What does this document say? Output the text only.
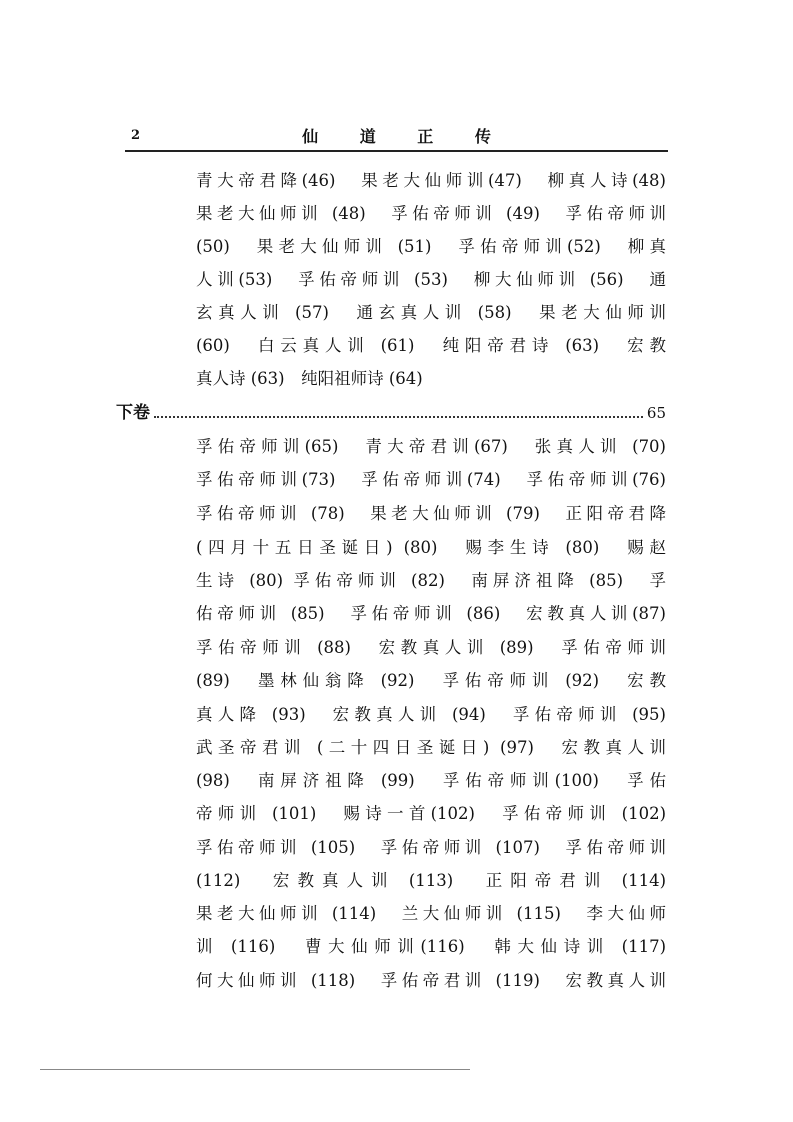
2	仙 道 正 传
青大帝君降(46)　果老大仙师训(47)　柳真人诗(48)
果老大仙师训 (48)　孚佑帝师训 (49)　孚佑帝师训
(50)　果老大仙师训 (51)　孚佑帝师训(52)　柳真
人训(53)　孚佑帝师训 (53)　柳大仙师训 (56)　通
玄真人训 (57)　通玄真人训 (58)　果老大仙师训
(60)　白云真人训 (61)　纯阳帝君诗 (63)　宏教
真人诗 (63)　纯阳祖师诗 (64)
下卷	65
孚佑帝师训(65)　青大帝君训(67)　张真人训 (70)
孚佑帝师训(73)　孚佑帝师训(74)　孚佑帝师训(76)
孚佑帝师训 (78)　果老大仙师训 (79)　正阳帝君降
(四月十五日圣诞日) (80)　赐李生诗 (80)　赐赵
生诗 (80) 孚佑帝师训 (82)　南屏济祖降 (85)　孚
佑帝师训 (85)　孚佑帝师训 (86)　宏教真人训(87)
孚佑帝师训 (88)　宏教真人训 (89)　孚佑帝师训
(89)　墨林仙翁降 (92)　孚佑帝师训 (92)　宏教
真人降 (93)　宏教真人训 (94)　孚佑帝师训 (95)
武圣帝君训 (二十四日圣诞日) (97)　宏教真人训
(98)　南屏济祖降 (99)　孚佑帝师训(100)　孚佑
帝师训 (101)　赐诗一首(102)　孚佑帝师训 (102)
孚佑帝师训 (105)　孚佑帝师训 (107)　孚佑帝师训
(112)　宏教真人训 (113)　正阳帝君训 (114)
果老大仙师训 (114)　兰大仙师训 (115)　李大仙师
训 (116)　曹大仙师训(116)　韩大仙诗训 (117)
何大仙师训 (118)　孚佑帝君训 (119)　宏教真人训
